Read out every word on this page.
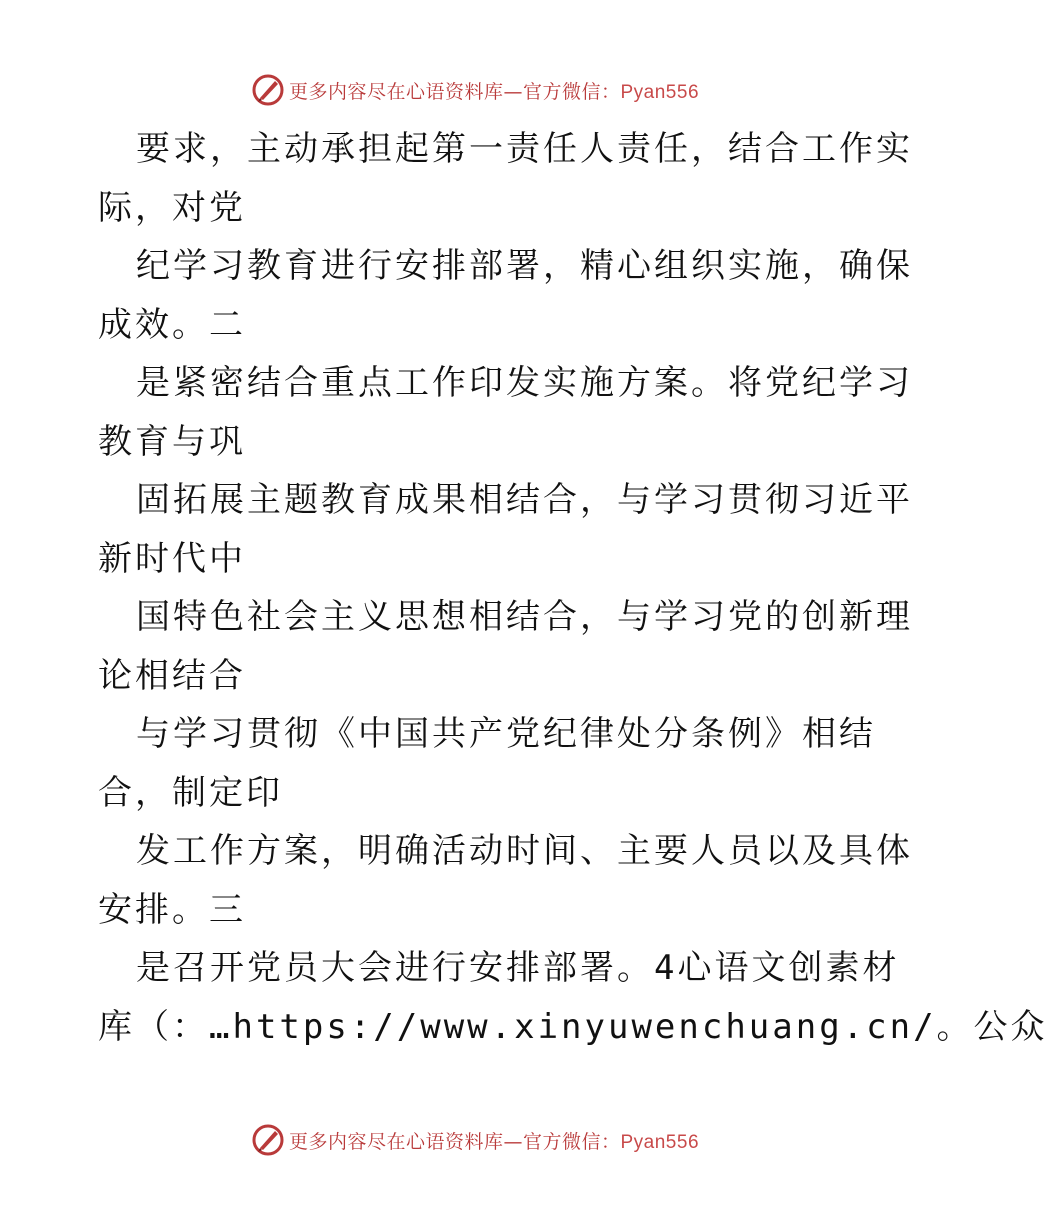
更多内容尽在心语资料库—官方微信：Pyan556
要求，主动承担起第一责任人责任，结合工作实
际，对党
纪学习教育进行安排部署，精心组织实施，确保
成效。二
是紧密结合重点工作印发实施方案。将党纪学习
教育与巩
固拓展主题教育成果相结合，与学习贯彻习近平
新时代中
国特色社会主义思想相结合，与学习党的创新理
论相结合
与学习贯彻《中国共产党纪律处分条例》相结
合，制定印
发工作方案，明确活动时间、主要人员以及具体
安排。三
是召开党员大会进行安排部署。4心语文创素材
库（：…https://www.xinyuwenchuang.cn/。公众
更多内容尽在心语资料库—官方微信：Pyan556
